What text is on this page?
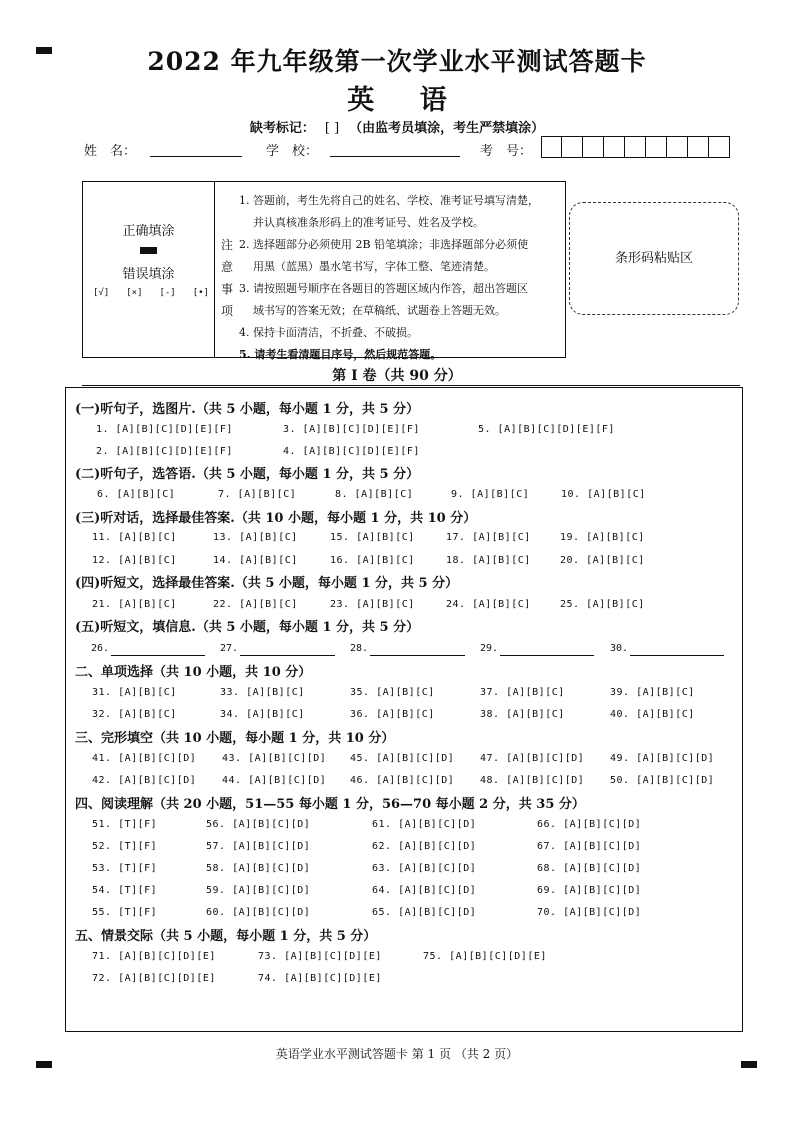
2022 年九年级第一次学业水平测试答题卡
英 语
缺考标记： [ ] （由监考员填涂，考生严禁填涂）
姓　名：	学　校：	考　号：
正确填涂
错误填涂
[√] [×] [-] [•]
注
意
事
项

1. 答题前，考生先将自己的姓名、学校、准考证号填写清楚，

并认真核准条形码上的准考证号、姓名及学校。

2. 选择题部分必须使用 2B 铅笔填涂；非选择题部分必须使

用黑（蓝黑）墨水笔书写，字体工整、笔迹清楚。

3. 请按照题号顺序在各题目的答题区域内作答，超出答题区

域书写的答案无效；在草稿纸、试题卷上答题无效。

4. 保持卡面清洁，不折叠、不破损。

5. 请考生看清题目序号，然后规范答题。

条形码粘贴区
第 I 卷（共 90 分）
(一)听句子，选图片.（共 5 小题，每小题 1 分，共 5 分）
(二)听句子，选答语.（共 5 小题，每小题 1 分，共 5 分）
(三)听对话，选择最佳答案.（共 10 小题，每小题 1 分，共 10 分）
(四)听短文，选择最佳答案.（共 5 小题，每小题 1 分，共 5 分）
(五)听短文，填信息.（共 5 小题，每小题 1 分，共 5 分）
二、单项选择（共 10 小题，共 10 分）
三、完形填空（共 10 小题，每小题 1 分，共 10 分）
四、阅读理解（共 20 小题，51—55 每小题 1 分，56—70 每小题 2 分，共 35 分）
五、情景交际（共 5 小题，每小题 1 分，共 5 分）
1. [A][B][C][D][E][F]	3. [A][B][C][D][E][F]	5. [A][B][C][D][E][F]
2. [A][B][C][D][E][F]	4. [A][B][C][D][E][F]
6. [A][B][C]	7. [A][B][C]	8. [A][B][C]	9. [A][B][C]	10. [A][B][C]
11. [A][B][C]	13. [A][B][C]	15. [A][B][C]	17. [A][B][C]	19. [A][B][C]
12. [A][B][C]	14. [A][B][C]	16. [A][B][C]	18. [A][B][C]	20. [A][B][C]
21. [A][B][C]	22. [A][B][C]	23. [A][B][C]	24. [A][B][C]	25. [A][B][C]
31. [A][B][C]	33. [A][B][C]	35. [A][B][C]	37. [A][B][C]	39. [A][B][C]
32. [A][B][C]	34. [A][B][C]	36. [A][B][C]	38. [A][B][C]	40. [A][B][C]
41. [A][B][C][D]	43. [A][B][C][D] 45. [A][B][C][D]	47. [A][B][C][D]	49. [A][B][C][D]
42. [A][B][C][D]	44. [A][B][C][D] 46. [A][B][C][D]	48. [A][B][C][D]	50. [A][B][C][D]
51. [T][F]	56. [A][B][C][D]	61. [A][B][C][D]	66. [A][B][C][D]
52. [T][F]	57. [A][B][C][D]	62. [A][B][C][D]	67. [A][B][C][D]
53. [T][F]	58. [A][B][C][D]	63. [A][B][C][D]	68. [A][B][C][D]
54. [T][F]	59. [A][B][C][D]	64. [A][B][C][D]	69. [A][B][C][D]
55. [T][F]	60. [A][B][C][D]	65. [A][B][C][D]	70. [A][B][C][D]
71. [A][B][C][D][E]	73. [A][B][C][D][E]	75. [A][B][C][D][E]
72. [A][B][C][D][E]	74. [A][B][C][D][E]
26.	27.	28.	29.	30.
英语学业水平测试答题卡 第 1 页 （共 2 页）
